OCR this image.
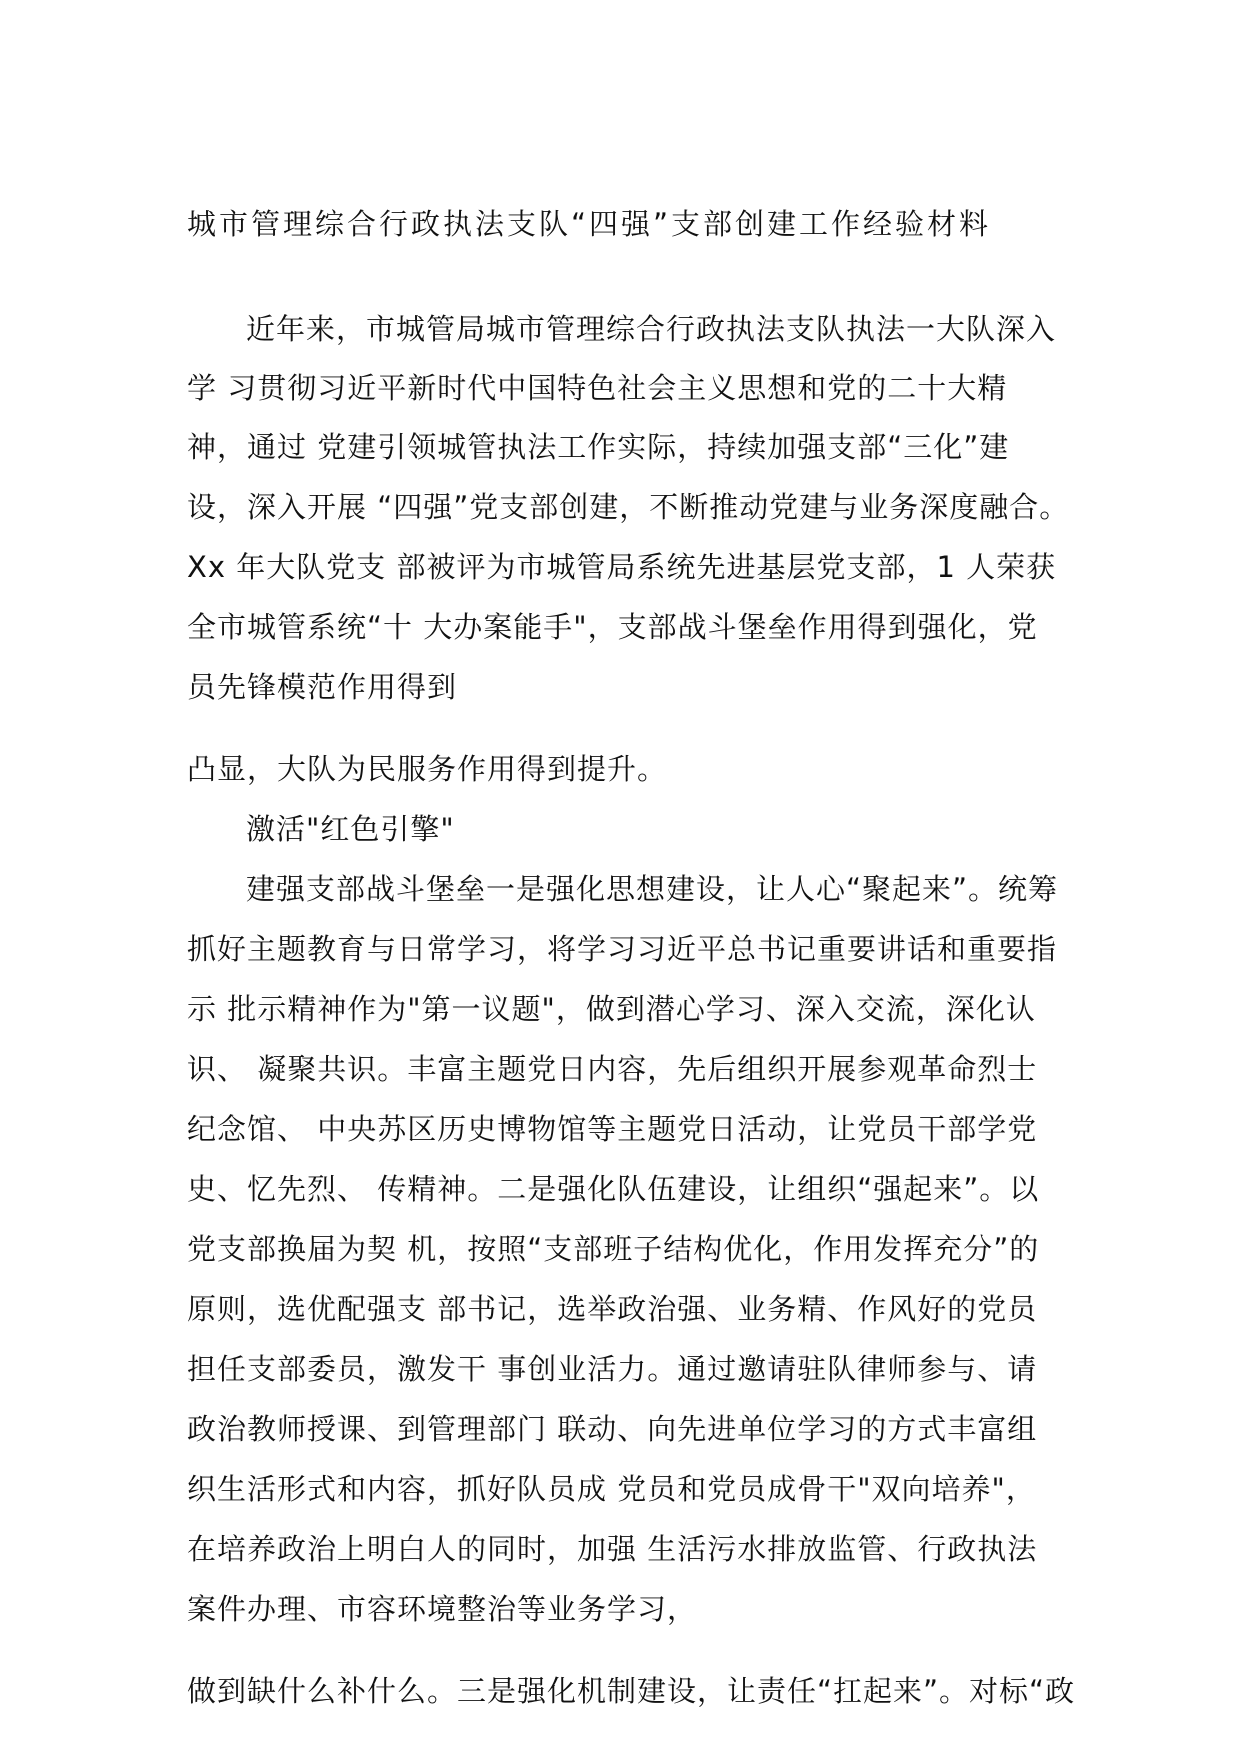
城市管理综合行政执法支队“四强”支部创建工作经验材料
近年来，市城管局城市管理综合行政执法支队执法一大队深入
学 习贯彻习近平新时代中国特色社会主义思想和党的二十大精
神，通过 党建引领城管执法工作实际，持续加强支部“三化”建
设，深入开展 “四强”党支部创建，不断推动党建与业务深度融合。
Xx 年大队党支 部被评为市城管局系统先进基层党支部，1 人荣获
全市城管系统“十 大办案能手"，支部战斗堡垒作用得到强化，党
员先锋模范作用得到
凸显，大队为民服务作用得到提升。
激活"红色引擎"
建强支部战斗堡垒一是强化思想建设，让人心“聚起来”。统筹
抓好主题教育与日常学习，将学习习近平总书记重要讲话和重要指
示 批示精神作为"第一议题"，做到潜心学习、深入交流，深化认
识、 凝聚共识。丰富主题党日内容，先后组织开展参观革命烈士
纪念馆、 中央苏区历史博物馆等主题党日活动，让党员干部学党
史、忆先烈、 传精神。二是强化队伍建设，让组织“强起来”。以
党支部换届为契 机，按照“支部班子结构优化，作用发挥充分”的
原则，选优配强支 部书记，选举政治强、业务精、作风好的党员
担任支部委员，激发干 事创业活力。通过邀请驻队律师参与、请
政治教师授课、到管理部门 联动、向先进单位学习的方式丰富组
织生活形式和内容，抓好队员成 党员和党员成骨干"双向培养"，
在培养政治上明白人的同时，加强 生活污水排放监管、行政执法
案件办理、市容环境整治等业务学习，
做到缺什么补什么。三是强化机制建设，让责任“扛起来”。对标“政
